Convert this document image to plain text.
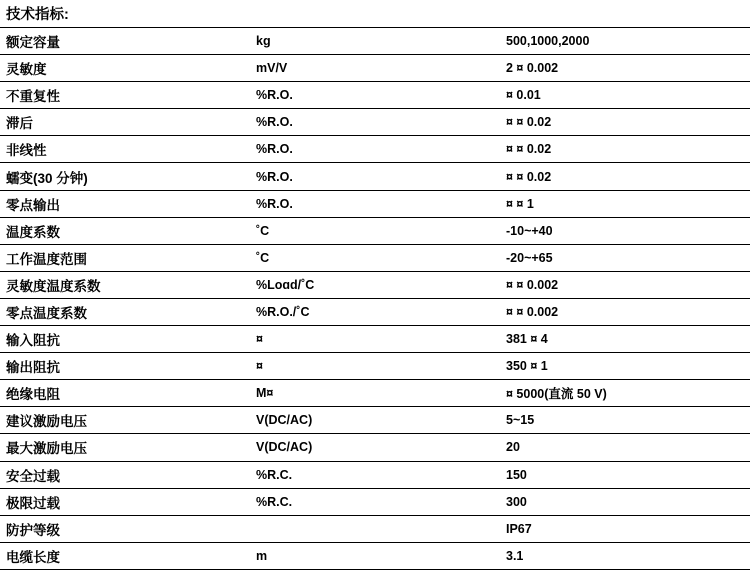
技术指标:		
额定容量	kg	500,1000,2000
灵敏度	mV/V	2 ¤ 0.002
不重复性	%R.O.	¤ 0.01
滞后	%R.O.	¤ ¤ 0.02
非线性	%R.O.	¤ ¤ 0.02
蠕变(30 分钟)	%R.O.	¤ ¤ 0.02
零点输出	%R.O.	¤ ¤ 1
温度系数	˚C	-10~+40
工作温度范围	˚C	-20~+65
灵敏度温度系数	%Loɑd/˚C	¤ ¤ 0.002
零点温度系数	%R.O./˚C	¤ ¤ 0.002
输入阻抗	¤	381 ¤ 4
输出阻抗	¤	350 ¤ 1
绝缘电阻	M¤	¤ 5000(直流 50 V)
建议激励电压	V(DC/AC)	5~15
最大激励电压	V(DC/AC)	20
安全过载	%R.C.	150
极限过载	%R.C.	300
防护等级		IP67
电缆长度	m	3.1
